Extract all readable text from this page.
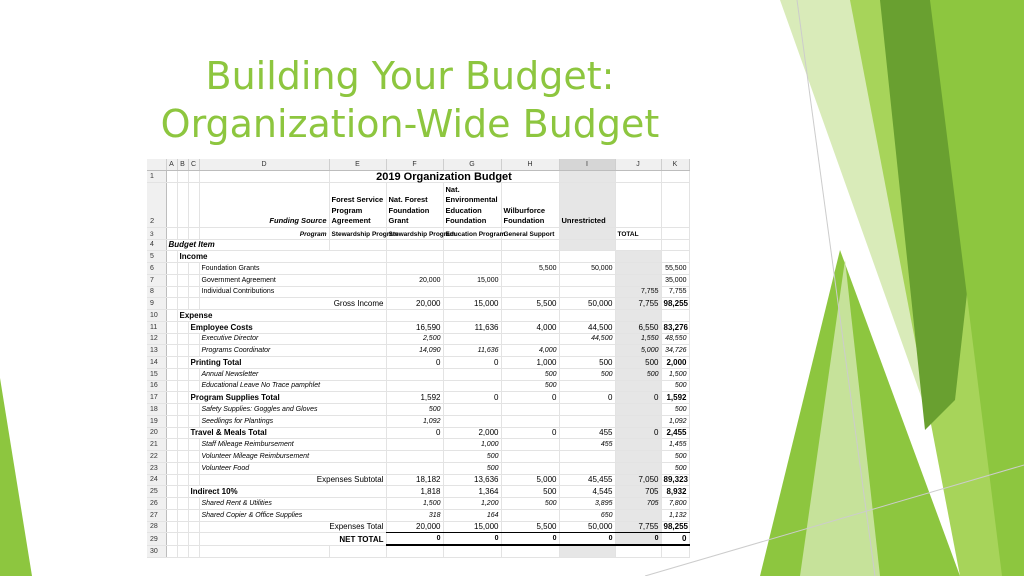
Building Your Budget:
Organization-Wide Budget
	A	B	C	D	E	F	G	H	I	J	K	
1					2019 Organization Budget							
2				Funding Source	Forest Service Program Agreement	Nat. Forest Foundation Grant	Nat. Environmental Education Foundation	Wilburforce Foundation	Unrestricted			
3				Program	Stewardship Program	Stewardship Program	Education Program	General Support		TOTAL		
4	Budget Item											
5		Income										
6				Foundation Grants				5,500	50,000		55,500	
7				Government Agreement		20,000	15,000				35,000	
8				Individual Contributions						7,755	7,755	
9				Gross Income		20,000	15,000	5,500	50,000	7,755	98,255	
10		Expense										
11			Employee Costs			16,590	11,636	4,000	44,500	6,550	83,276	
12				Executive Director		2,500			44,500	1,550	48,550	
13				Programs Coordinator		14,090	11,636	4,000		5,000	34,726	
14			Printing Total			0	0	1,000	500	500	2,000	
15				Annual Newsletter				500	500	500	1,500	
16				Educational Leave No Trace pamphlet				500			500	
17			Program Supplies Total			1,592	0	0	0	0	1,592	
18				Safety Supplies: Goggles and Gloves		500					500	
19				Seedlings for Plantings		1,092					1,092	
20			Travel & Meals Total			0	2,000	0	455	0	2,455	
21				Staff Mileage Reimbursement			1,000		455		1,455	
22				Volunteer Mileage Reimbursement			500				500	
23				Volunteer Food			500				500	
24				Expenses Subtotal		18,182	13,636	5,000	45,455	7,050	89,323	
25			Indirect 10%			1,818	1,364	500	4,545	705	8,932	
26				Shared Rent & Utilities		1,500	1,200	500	3,895	705	7,800	
27				Shared Copier & Office Supplies		318	164		650		1,132	
28				Expenses Total		20,000	15,000	5,500	50,000	7,755	98,255	
29				NET TOTAL		0	0	0	0	0	0	
30												
